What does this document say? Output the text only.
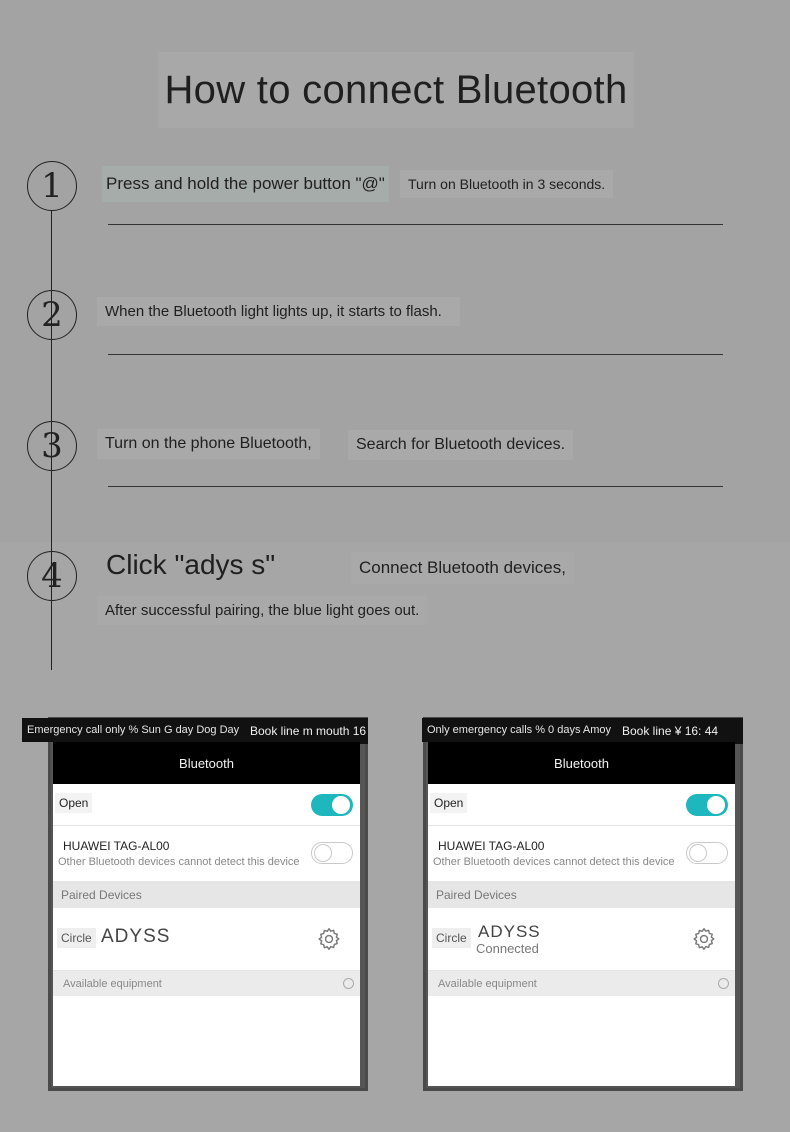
How to connect Bluetooth
1	Press and hold the power button "@"	Turn on Bluetooth in 3 seconds.
2	When the Bluetooth light lights up, it starts to flash.
3	Turn on the phone Bluetooth,	Search for Bluetooth devices.
4	Click "adys s"	Connect Bluetooth devices,
After successful pairing, the blue light goes out.
Emergency call only % Sun G day Dog Day Book line m mouth 16
Bluetooth
Open
HUAWEI TAG-AL00
Other Bluetooth devices cannot detect this device
Paired Devices
Circle ADYSS
Available equipment
Only emergency calls % 0 days Amoy Book line ¥ 16: 44
Bluetooth
Open
HUAWEI TAG-AL00
Other Bluetooth devices cannot detect this device
Paired Devices
Circle ADYSS
Connected
Available equipment
